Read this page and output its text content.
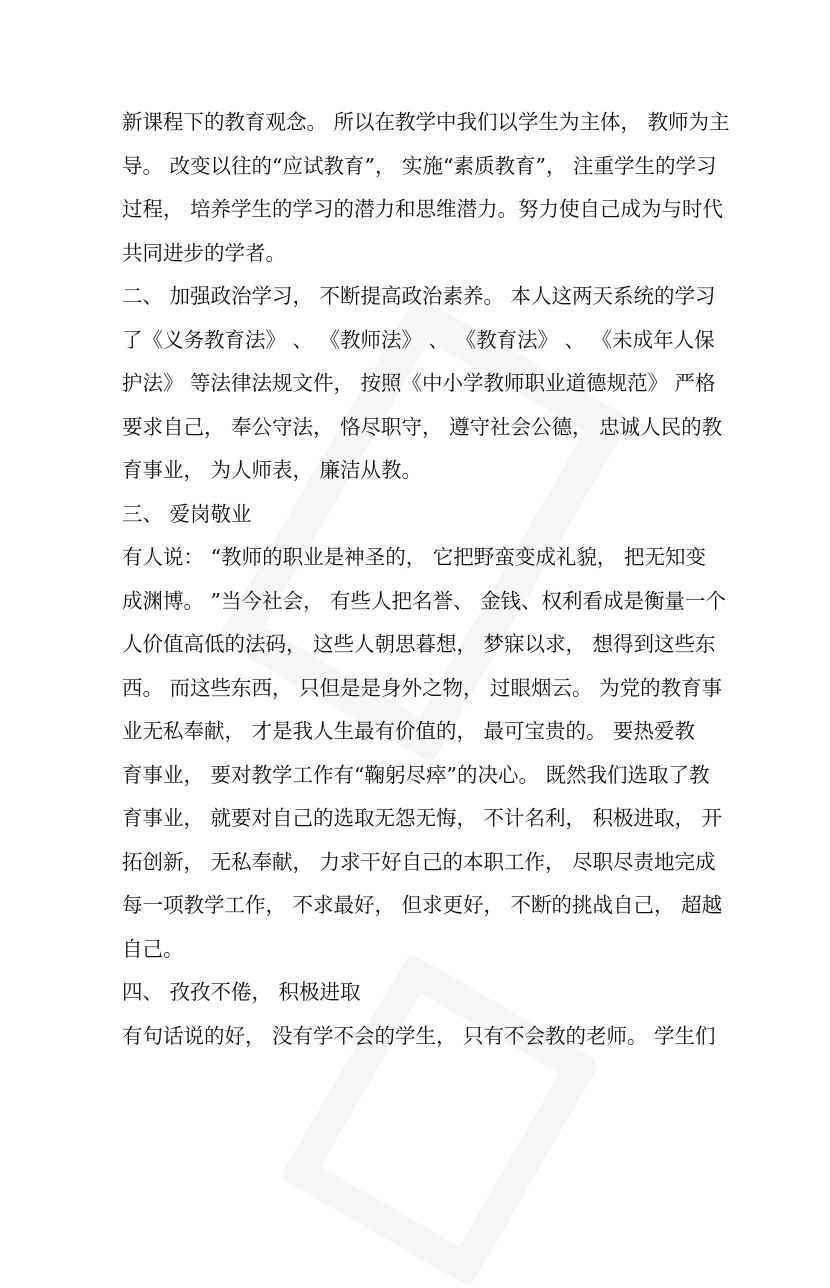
新课程下的教育观念。 所以在教学中我们以学生为主体， 教师为主
导。 改变以往的“应试教育”， 实施“素质教育”， 注重学生的学习
过程， 培养学生的学习的潜力和思维潜力。努力使自己成为与时代
共同进步的学者。
二、 加强政治学习， 不断提高政治素养。 本人这两天系统的学习
了《义务教育法》 、 《教师法》 、 《教育法》 、 《未成年人保
护法》 等法律法规文件， 按照《中小学教师职业道德规范》 严格
要求自己， 奉公守法， 恪尽职守， 遵守社会公德， 忠诚人民的教
育事业， 为人师表， 廉洁从教。
三、 爱岗敬业
有人说： “教师的职业是神圣的， 它把野蛮变成礼貌， 把无知变
成渊博。 ”当今社会， 有些人把名誉、 金钱、权利看成是衡量一个
人价值高低的法码， 这些人朝思暮想， 梦寐以求， 想得到这些东
西。 而这些东西， 只但是是身外之物， 过眼烟云。 为党的教育事
业无私奉献， 才是我人生最有价值的， 最可宝贵的。 要热爱教
育事业， 要对教学工作有“鞠躬尽瘁”的决心。 既然我们选取了教
育事业， 就要对自己的选取无怨无悔， 不计名利， 积极进取， 开
拓创新， 无私奉献， 力求干好自己的本职工作， 尽职尽责地完成
每一项教学工作， 不求最好， 但求更好， 不断的挑战自己， 超越
自己。
四、 孜孜不倦， 积极进取
有句话说的好， 没有学不会的学生， 只有不会教的老师。 学生们
